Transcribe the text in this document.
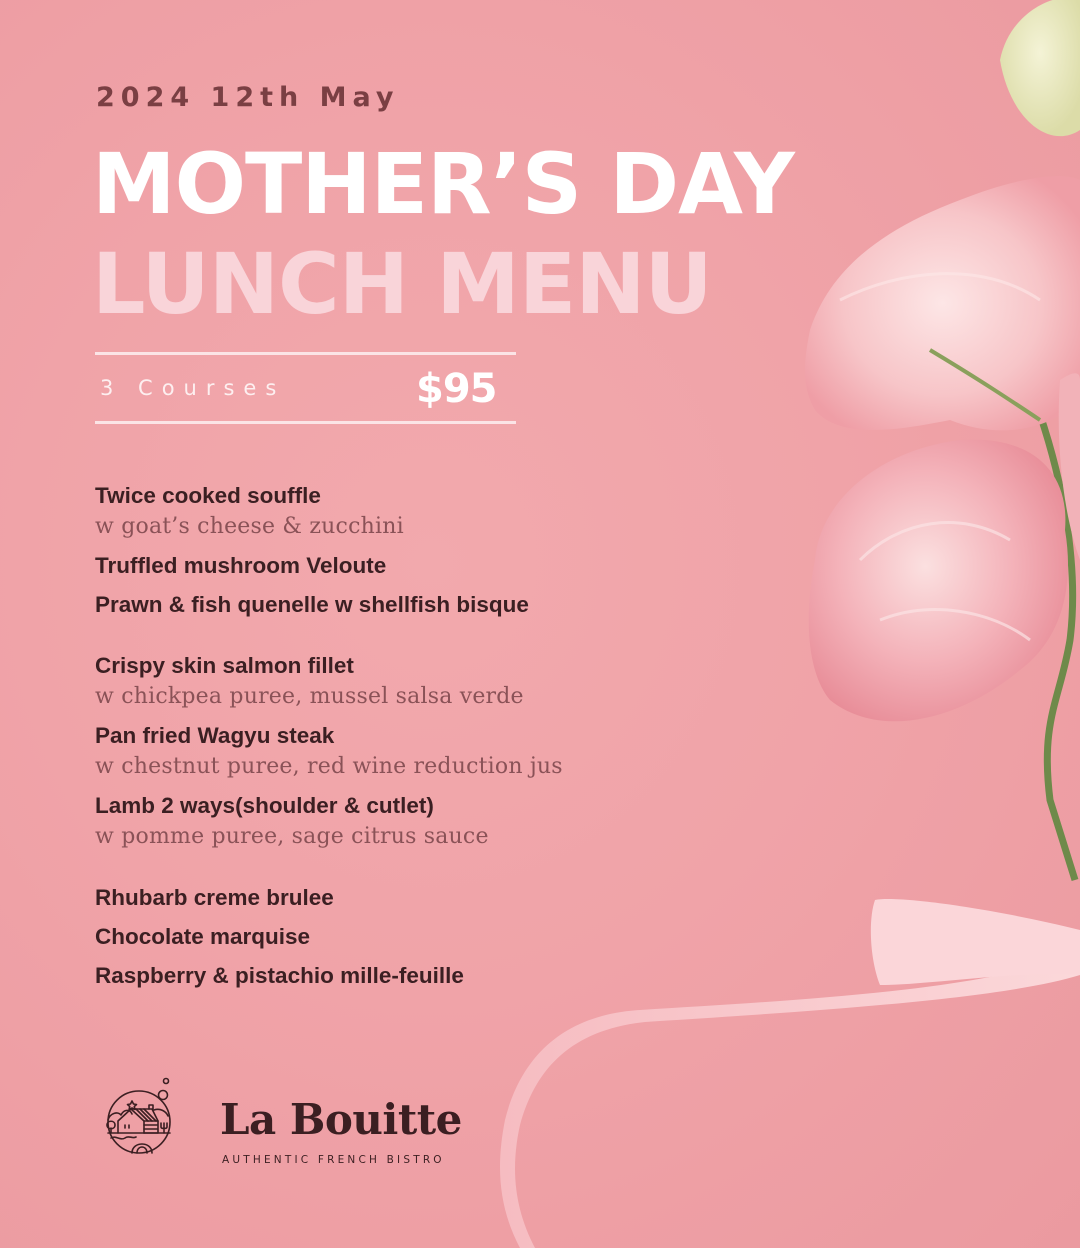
2024 12th May
MOTHER’S DAY
LUNCH MENU
3 Courses	$95
Twice cooked souffle
w goat’s cheese & zucchini
Truffled mushroom Veloute
Prawn & fish quenelle w shellfish bisque
Crispy skin salmon fillet
w chickpea puree, mussel salsa verde
Pan fried Wagyu steak
w chestnut puree, red wine reduction jus
Lamb 2 ways(shoulder & cutlet)
w pomme puree, sage citrus sauce
Rhubarb creme brulee
Chocolate marquise
Raspberry & pistachio mille-feuille
La Bouitte
AUTHENTIC FRENCH BISTRO
